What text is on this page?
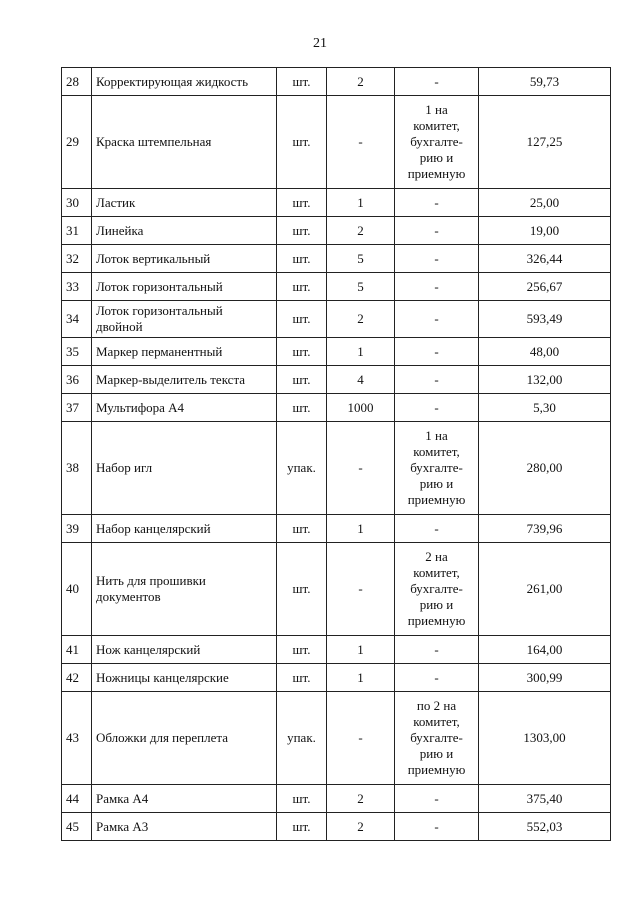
21
28	Корректирующая жидкость	шт.	2	-	59,73
29	Краска штемпельная	шт.	-	1 на
комитет,
бухгалте-
рию и
приемную	127,25
30	Ластик	шт.	1	-	25,00
31	Линейка	шт.	2	-	19,00
32	Лоток вертикальный	шт.	5	-	326,44
33	Лоток горизонтальный	шт.	5	-	256,67
34	Лоток горизонтальный двойной	шт.	2	-	593,49
35	Маркер перманентный	шт.	1	-	48,00
36	Маркер-выделитель текста	шт.	4	-	132,00
37	Мультифора А4	шт.	1000	-	5,30
38	Набор игл	упак.	-	1 на
комитет,
бухгалте-
рию и
приемную	280,00
39	Набор канцелярский	шт.	1	-	739,96
40	Нить для прошивки документов	шт.	-	2 на
комитет,
бухгалте-
рию и
приемную	261,00
41	Нож канцелярский	шт.	1	-	164,00
42	Ножницы канцелярские	шт.	1	-	300,99
43	Обложки для переплета	упак.	-	по 2 на
комитет,
бухгалте-
рию и
приемную	1303,00
44	Рамка А4	шт.	2	-	375,40
45	Рамка А3	шт.	2	-	552,03
